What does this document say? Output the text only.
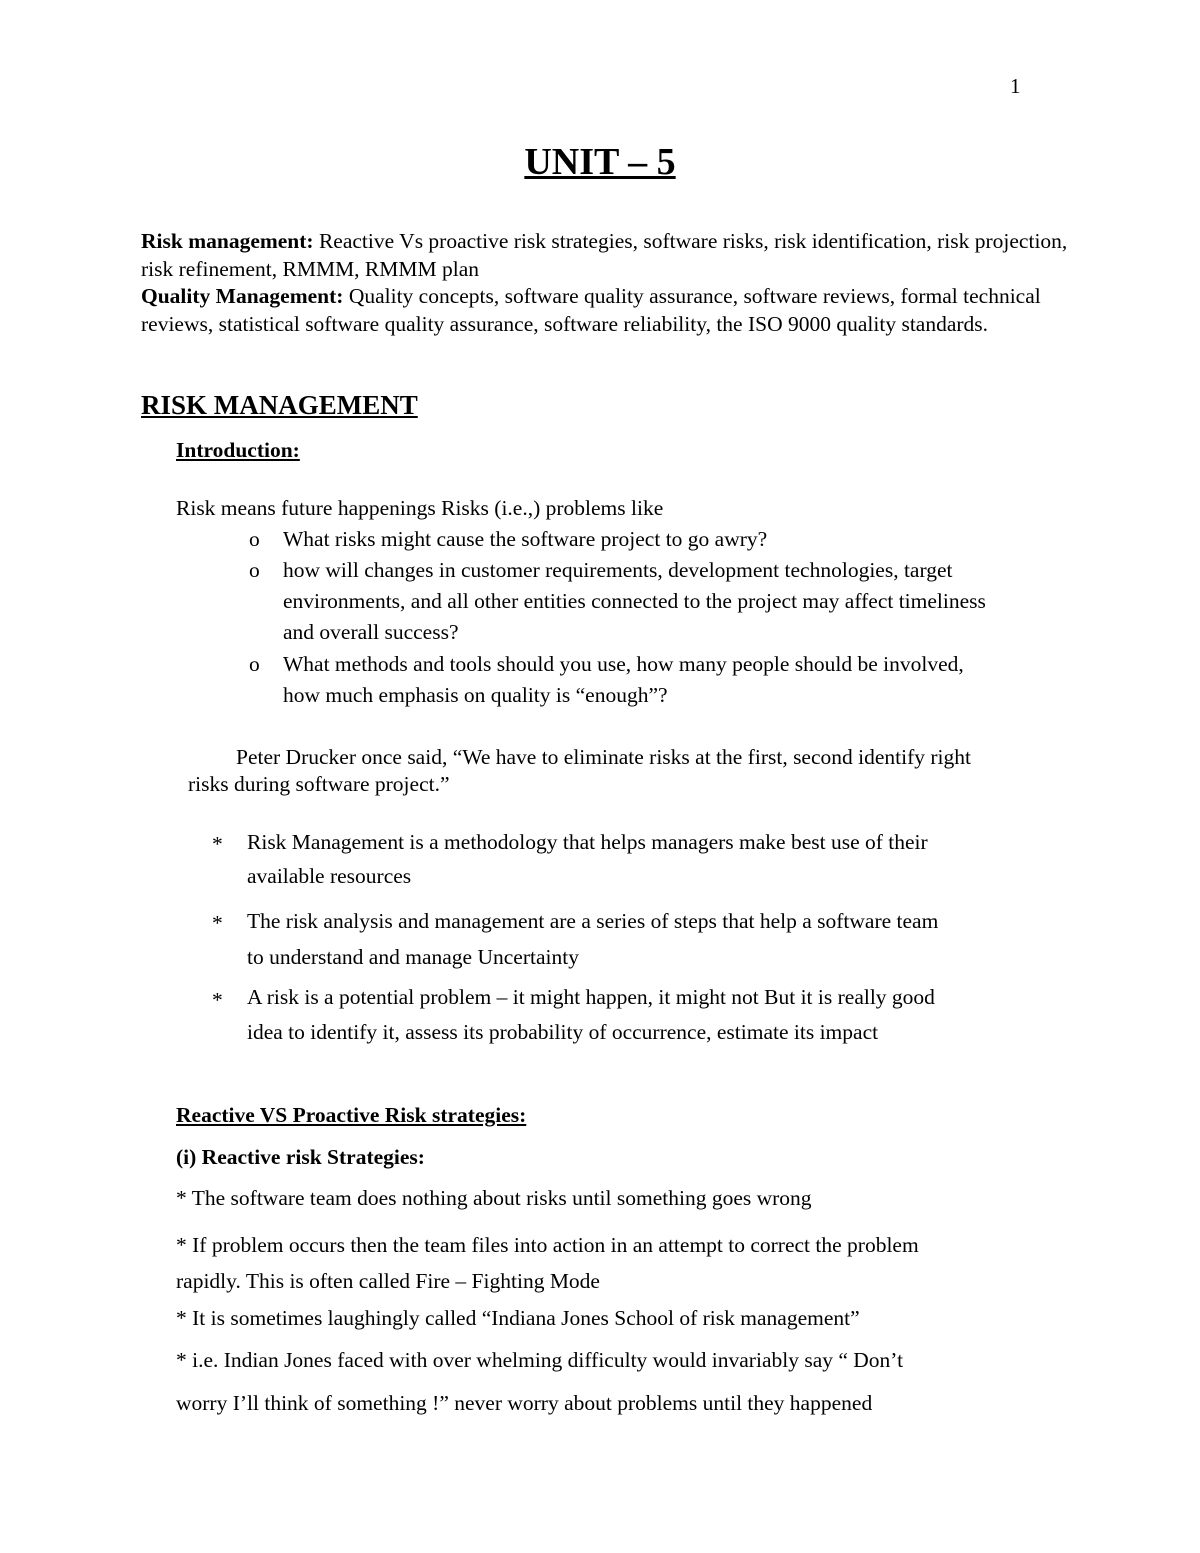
1
UNIT – 5
Risk management: Reactive Vs proactive risk strategies, software risks, risk identification, risk projection, risk refinement, RMMM, RMMM plan
Quality Management: Quality concepts, software quality assurance, software reviews, formal technical reviews, statistical software quality assurance, software reliability, the ISO 9000 quality standards.
RISK MANAGEMENT
Introduction:
Risk means future happenings Risks (i.e.,) problems like
o What risks might cause the software project to go awry?
o how will changes in customer requirements, development technologies, target
environments, and all other entities connected to the project may affect timeliness
and overall success?
o What methods and tools should you use, how many people should be involved,
how much emphasis on quality is “enough”?
Peter Drucker once said, “We have to eliminate risks at the first, second identify right
risks during software project.”
* Risk Management is a methodology that helps managers make best use of their
available resources
* The risk analysis and management are a series of steps that help a software team
to understand and manage Uncertainty
* A risk is a potential problem – it might happen, it might not But it is really good
idea to identify it, assess its probability of occurrence, estimate its impact
Reactive VS Proactive Risk strategies:
(i) Reactive risk Strategies:
* The software team does nothing about risks until something goes wrong
* If problem occurs then the team files into action in an attempt to correct the problem
rapidly. This is often called Fire – Fighting Mode
* It is sometimes laughingly called “Indiana Jones School of risk management”
* i.e. Indian Jones faced with over whelming difficulty would invariably say “ Don’t
worry I’ll think of something !” never worry about problems until they happened
